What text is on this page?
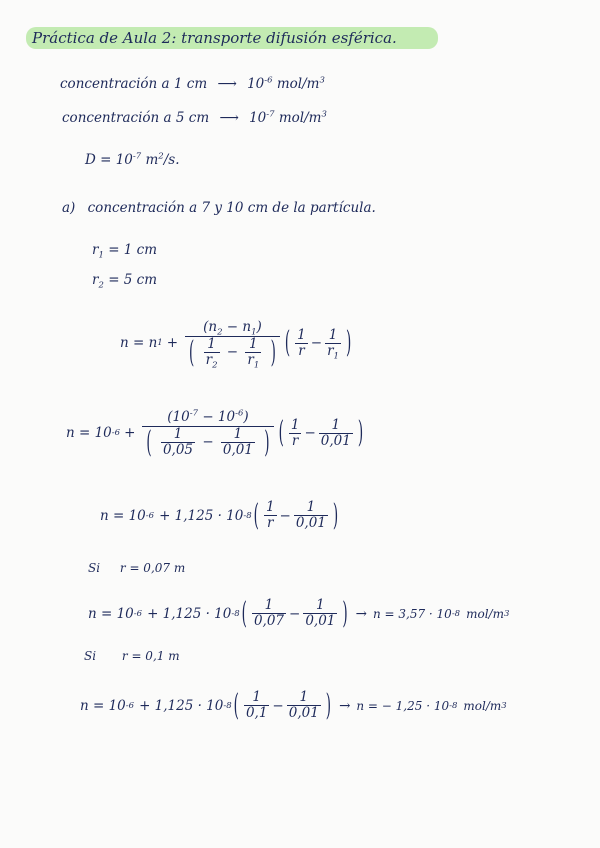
Práctica de Aula 2: transporte difusión esférica.
concentración a 1 cm ⟶ $10^{-6}$ mol/$m^3$
concentración a 5 cm ⟶ $10^{-7}$ mol/$m^3$
$D = 10^{-7}$ $m^2/s$.
a) concentración a 7 y 10 cm de la partícula.
$r_1 = 1$ cm
$r_2 = 5$ cm
n = n 1 +
$(n_2 - n_1)$
( $\frac{1}{r_2} - \frac{1}{r_1}$ ) ( $\frac{1}{r} - \frac{1}{r_1}$ )
n = 10 -6 +
$(10^{-7} - 10^{-6})$
( $\frac{1}{0,05} - \frac{1}{0,01}$ ) ( $\frac{1}{r} - \frac{1}{0,01}$ )
n = 10 -6 + 1,125 · 10 -8 ( $\frac{1}{r} - \frac{1}{0,01}$ )
Si r = 0,07 m
n = 10 -6 + 1,125 · 10 -8 ( $\frac{1}{0,07} - \frac{1}{0,01}$ ) → n = 3,57 · 10 -8 mol/m 3
Si r = 0,1 m
n = 10 -6 + 1,125 · 10 -8 ( $\frac{1}{0,1} - \frac{1}{0,01}$ ) → n = − 1,25 · 10 -8 mol/m 3
